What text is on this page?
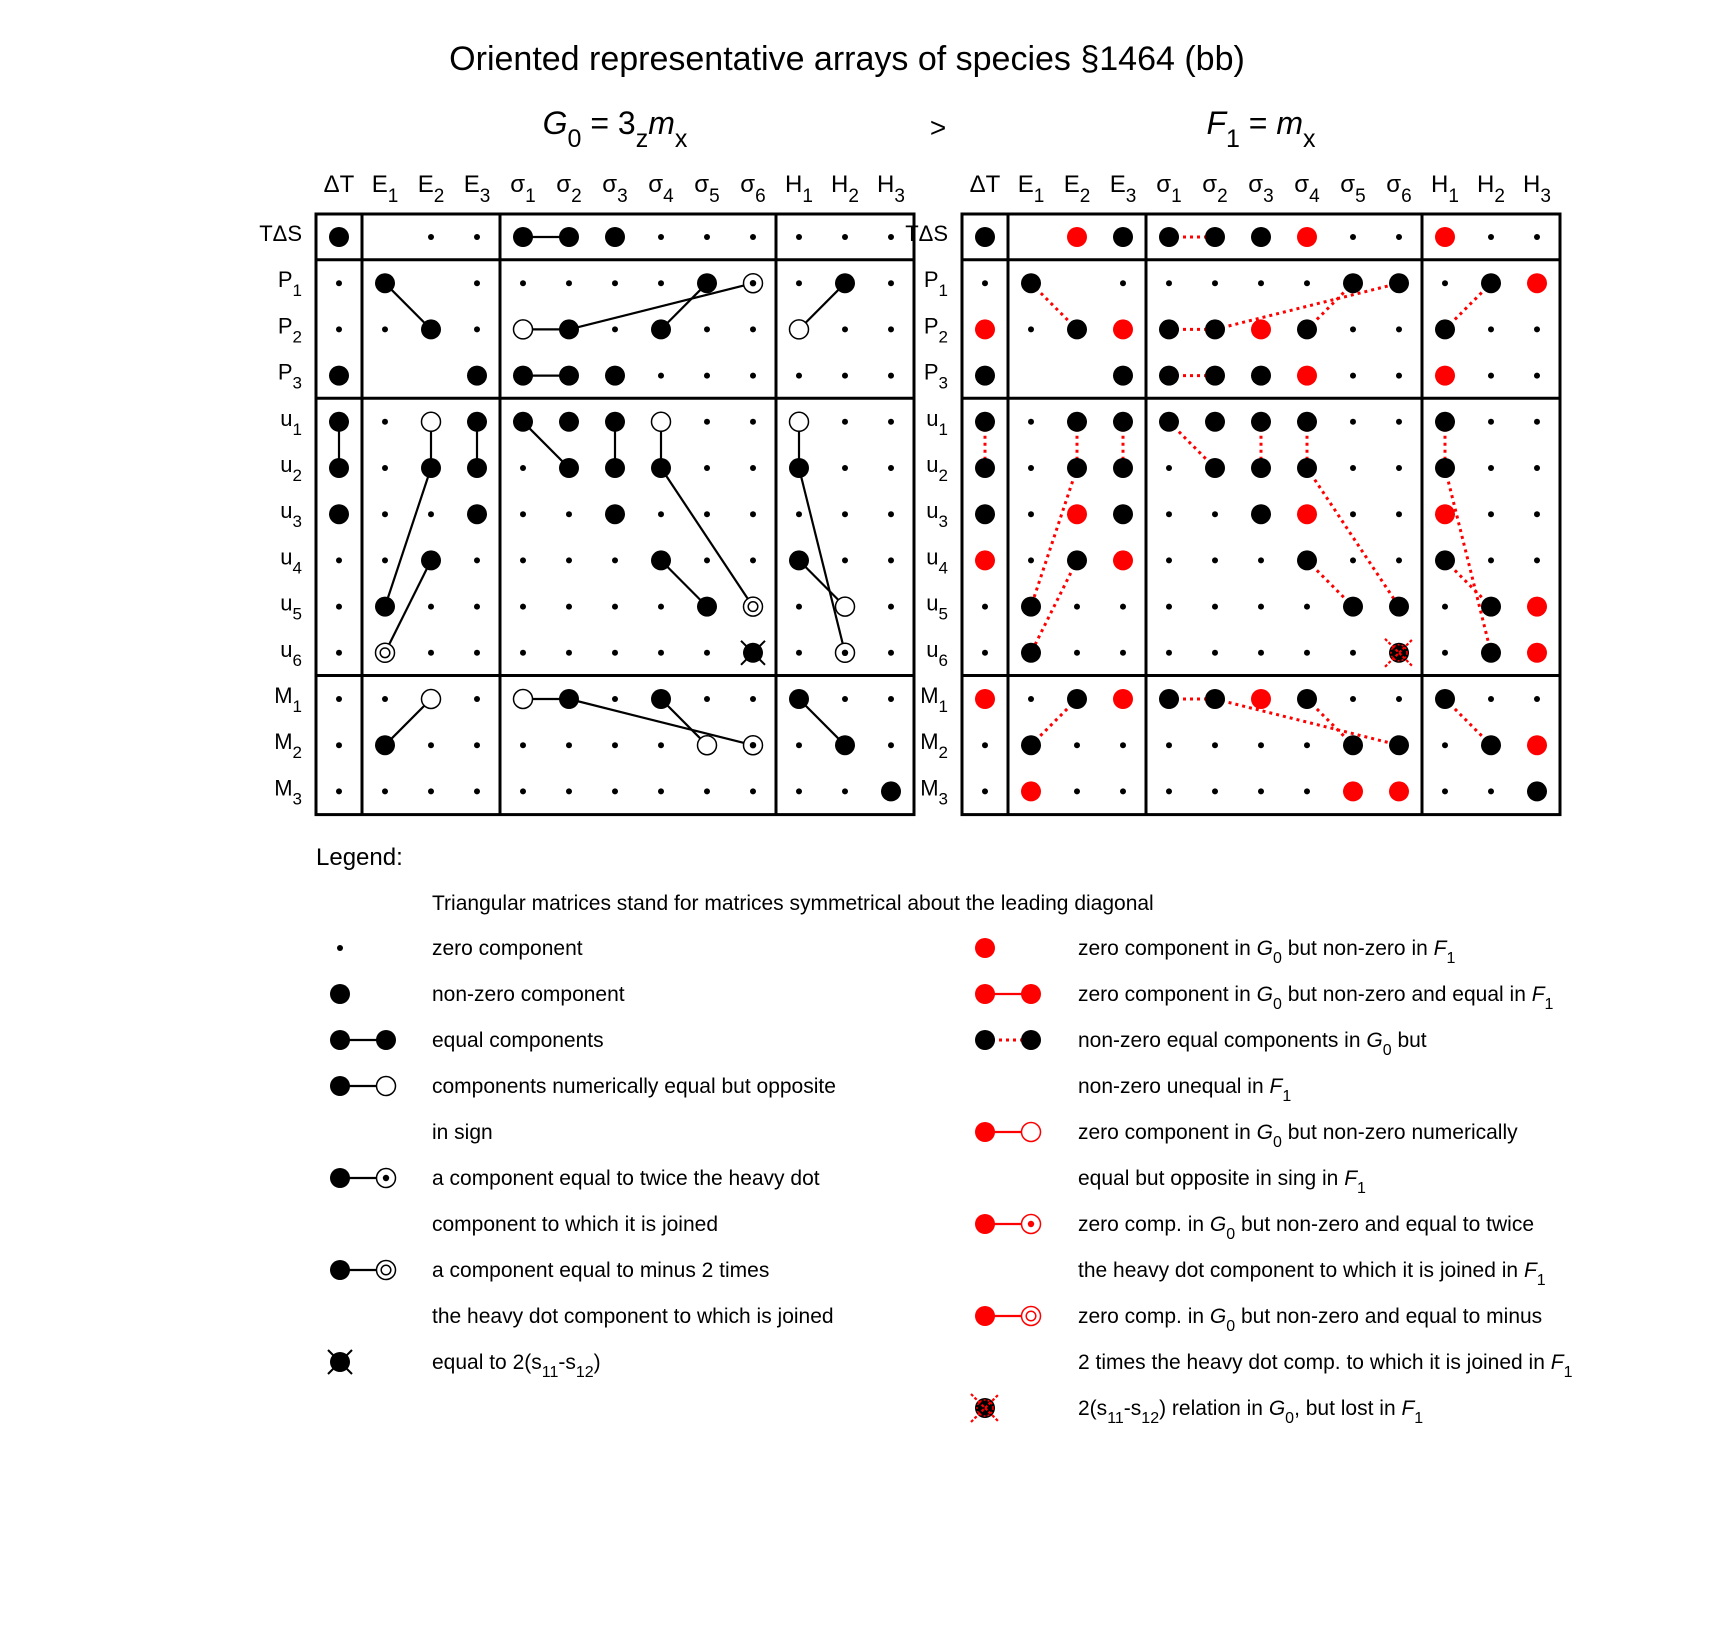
Oriented representative arrays of species §1464 (bb)
>
$G_0 = 3_zm_x$
ΔT $E_1$ $E_2$ $E_3$ $\sigma_1$ $\sigma_2$ $\sigma_3$ $\sigma_4$ $\sigma_5$ $\sigma_6$ $H_1$ $H_2$ $H_3$
TΔS
$P_1$
$P_2$
$P_3$
$u_1$
$u_2$
$u_3$
$u_4$
$u_5$
$u_6$
$M_1$
$M_2$
$M_3$
$F_1 = m_x$
ΔT $E_1$ $E_2$ $E_3$ $\sigma_1$ $\sigma_2$ $\sigma_3$ $\sigma_4$ $\sigma_5$ $\sigma_6$ $H_1$ $H_2$ $H_3$
TΔS
$P_1$
$P_2$
$P_3$
$u_1$
$u_2$
$u_3$
$u_4$
$u_5$
$u_6$
$M_1$
$M_2$
$M_3$
Legend:
Triangular matrices stand for matrices symmetrical about the leading diagonal
zero component
non-zero component
equal components
components numerically equal but opposite
in sign
a component equal to twice the heavy dot
component to which it is joined
a component equal to minus 2 times
the heavy dot component to which is joined
equal to $2(s_{11}-s_{12})$
zero component in $G_0$ but non-zero in $F_1$
zero component in $G_0$ but non-zero and equal in $F_1$
non-zero equal components in $G_0$ but
non-zero unequal in $F_1$
zero component in $G_0$ but non-zero numerically
equal but opposite in sing in $F_1$
zero comp. in $G_0$ but non-zero and equal to twice
the heavy dot component to which it is joined in $F_1$
zero comp. in $G_0$ but non-zero and equal to minus
2 times the heavy dot comp. to which it is joined in $F_1$
$2(s_{11}-s_{12})$ relation in $G_0$, but lost in $F_1$
